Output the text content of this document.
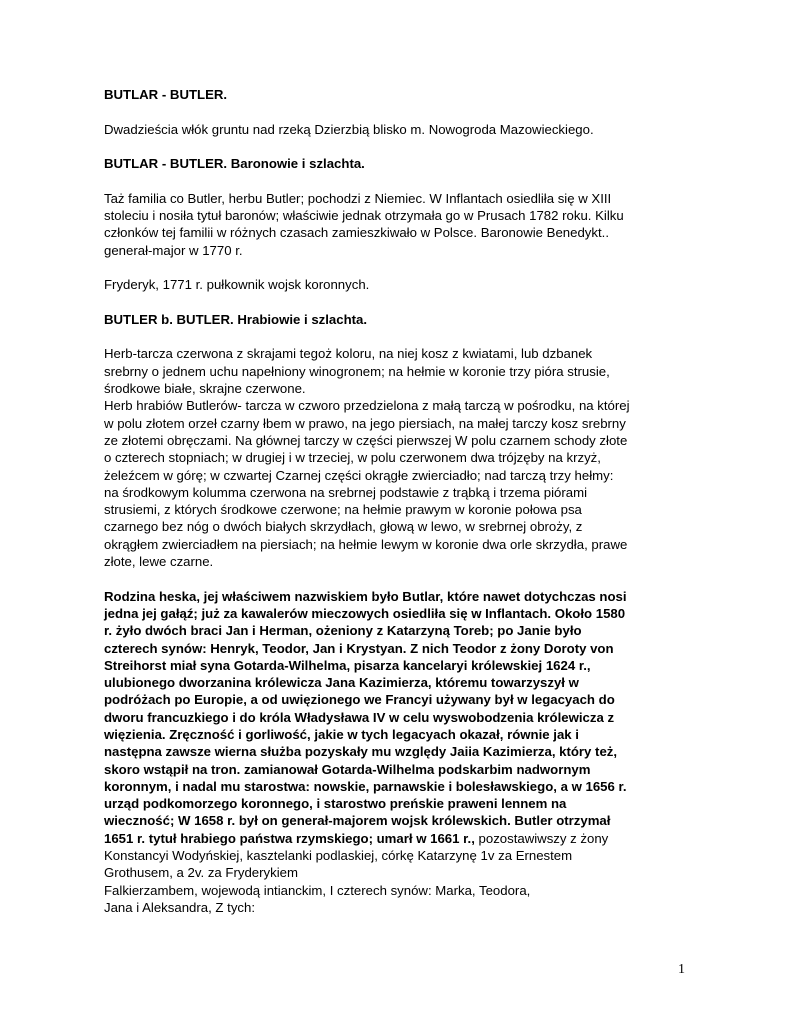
BUTLAR - BUTLER.

Dwadzieścia włók gruntu nad rzeką Dzierzbią blisko m. Nowogroda Mazowieckiego.

BUTLAR - BUTLER. Baronowie i szlachta.

Taż familia co Butler, herbu Butler; pochodzi z Niemiec. W Inflantach osiedliła się w XIII
stoleciu i nosiła tytuł baronów; właściwie jednak otrzymała go w Prusach 1782 roku. Kilku
członków tej familii w różnych czasach zamieszkiwało w Polsce. Baronowie Benedykt..
generał-major w 1770 r.

Fryderyk, 1771 r. pułkownik wojsk koronnych.

BUTLER b. BUTLER. Hrabiowie i szlachta.

Herb-tarcza czerwona z skrajami tegoż koloru, na niej kosz z kwiatami, lub dzbanek
srebrny o jednem uchu napełniony winogronem; na hełmie w koronie trzy pióra strusie,
środkowe białe, skrajne czerwone.
Herb hrabiów Butlerów- tarcza w czworo przedzielona z małą tarczą w pośrodku, na której
w polu złotem orzeł czarny łbem w prawo, na jego piersiach, na małej tarczy kosz srebrny
ze złotemi obręczami. Na głównej tarczy w części pierwszej W polu czarnem schody złote
o czterech stopniach; w drugiej i w trzeciej, w polu czerwonem dwa trójzęby na krzyż,
żeleźcem w górę; w czwartej Czarnej części okrągłe zwierciadło; nad tarczą trzy hełmy:
na środkowym kolumma czerwona na srebrnej podstawie z trąbką i trzema piórami
strusiemi, z których środkowe czerwone; na hełmie prawym w koronie połowa psa
czarnego bez nóg o dwóch białych skrzydłach, głową w lewo, w srebrnej obroży, z
okrągłem zwierciadłem na piersiach; na hełmie lewym w koronie dwa orle skrzydła, prawe
złote, lewe czarne.

Rodzina heska, jej właściwem nazwiskiem było Butlar, które nawet dotychczas nosi
jedna jej gałąź; już za kawalerów mieczowych osiedliła się w Inflantach. Około 1580
r. żyło dwóch braci Jan i Herman, ożeniony z Katarzyną Toreb; po Janie było
czterech synów: Henryk, Teodor, Jan i Krystyan. Z nich Teodor z żony Doroty von
Streihorst miał syna Gotarda-Wilhelma, pisarza kancelaryi królewskiej 1624 r.,
ulubionego dworzanina królewicza Jana Kazimierza, któremu towarzyszył w
podróżach po Europie, a od uwięzionego we Francyi używany był w legacyach do
dworu francuzkiego i do króla Władysława IV w celu wyswobodzenia królewicza z
więzienia. Zręczność i gorliwość, jakie w tych legacyach okazał, równie jak i
następna zawsze wierna służba pozyskały mu względy Jaiia Kazimierza, który też,
skoro wstąpił na tron. zamianował Gotarda-Wilhelma podskarbim nadwornym
koronnym, i nadal mu starostwa: nowskie, parnawskie i bolesławskiego, a w 1656 r.
urząd podkomorzego koronnego, i starostwo preńskie praweni lennem na
wieczność; W 1658 r. był on generał-majorem wojsk królewskich. Butler otrzymał
1651 r. tytuł hrabiego państwa rzymskiego; umarł w 1661 r., pozostawiwszy z żony
Konstancyi Wodyńskiej, kasztelanki podlaskiej, córkę Katarzynę 1v za Ernestem
Grothusem, a 2v. za Fryderykiem
Falkierzambem, wojewodą intianckim, I czterech synów: Marka, Teodora,
Jana i Aleksandra, Z tych:

1
